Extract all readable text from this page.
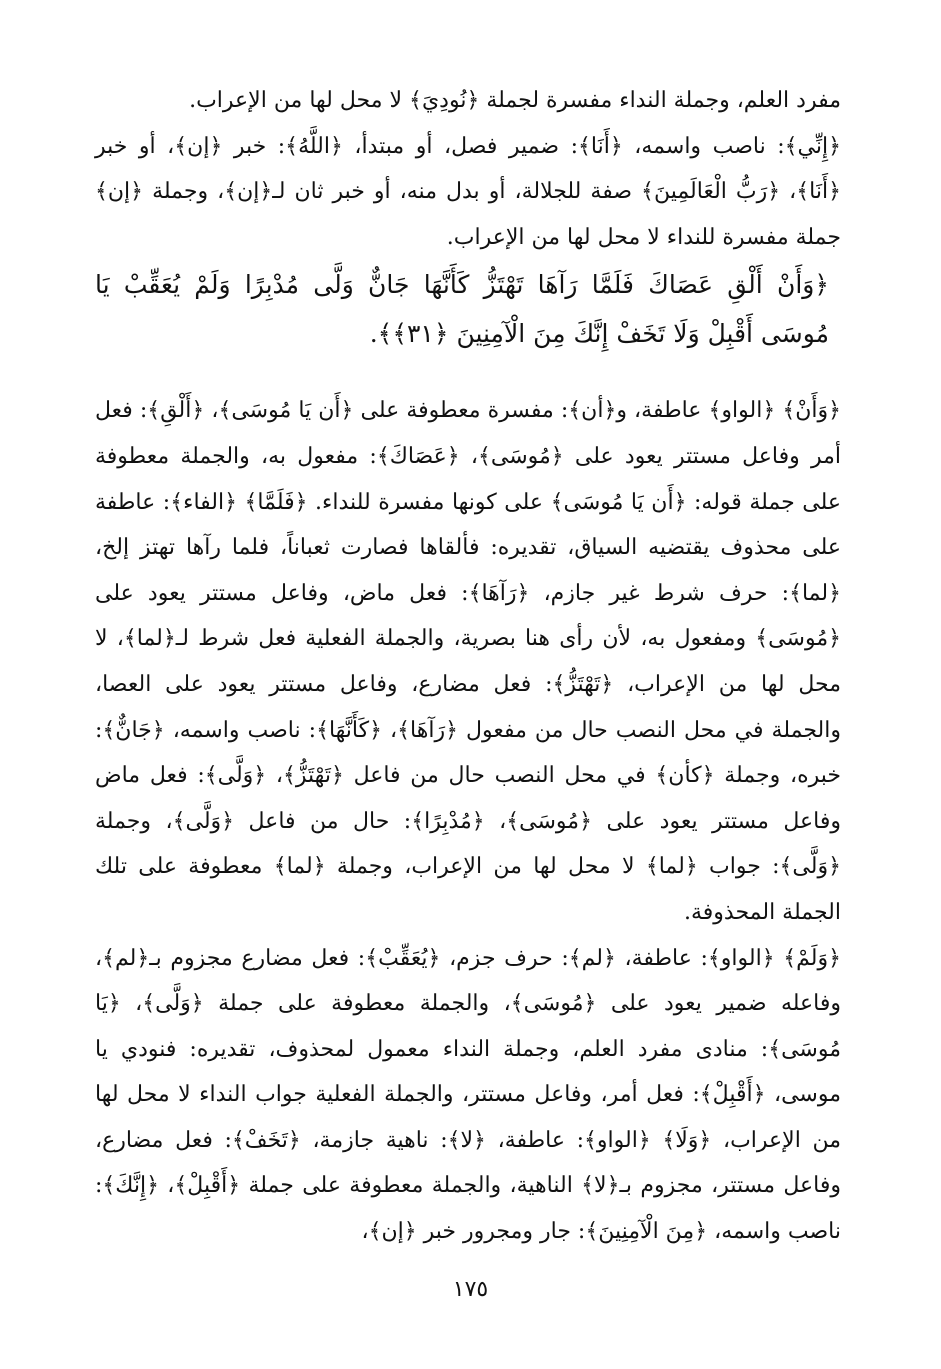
مفرد العلم، وجملة النداء مفسرة لجملة ﴿نُودِيَ﴾ لا محل لها من الإعراب.

﴿إِنِّي﴾: ناصب واسمه، ﴿أَنَا﴾: ضمير فصل، أو مبتدأ، ﴿اللَّهُ﴾: خبر ﴿إن﴾، أو خبر ﴿أَنَا﴾، ﴿رَبُّ الْعَالَمِينَ﴾ صفة للجلالة، أو بدل منه، أو خبر ثان لـ﴿إن﴾، وجملة ﴿إن﴾ جملة مفسرة للنداء لا محل لها من الإعراب.

﴿وَأَنْ أَلْقِ عَصَاكَ فَلَمَّا رَآهَا تَهْتَزُّ كَأَنَّهَا جَانٌّ وَلَّى مُدْبِرًا وَلَمْ يُعَقِّبْ يَا مُوسَى أَقْبِلْ وَلَا تَخَفْ إِنَّكَ مِنَ الْآمِنِينَ ﴿٣١﴾﴾.

﴿وَأَنْ﴾ ﴿الواو﴾ عاطفة، و﴿أن﴾: مفسرة معطوفة على ﴿أَن يَا مُوسَى﴾، ﴿أَلْقِ﴾: فعل أمر وفاعل مستتر يعود على ﴿مُوسَى﴾، ﴿عَصَاكَ﴾: مفعول به، والجملة معطوفة على جملة قوله: ﴿أَن يَا مُوسَى﴾ على كونها مفسرة للنداء. ﴿فَلَمَّا﴾ ﴿الفاء﴾: عاطفة على محذوف يقتضيه السياق، تقديره: فألقاها فصارت ثعباناً، فلما رآها تهتز إلخ، ﴿لما﴾: حرف شرط غير جازم، ﴿رَآهَا﴾: فعل ماض، وفاعل مستتر يعود على ﴿مُوسَى﴾ ومفعول به، لأن رأى هنا بصرية، والجملة الفعلية فعل شرط لـ﴿لما﴾، لا محل لها من الإعراب، ﴿تَهْتَزُّ﴾: فعل مضارع، وفاعل مستتر يعود على العصا، والجملة في محل النصب حال من مفعول ﴿رَآهَا﴾، ﴿كَأَنَّهَا﴾: ناصب واسمه، ﴿جَانٌّ﴾: خبره، وجملة ﴿كأن﴾ في محل النصب حال من فاعل ﴿تَهْتَزُّ﴾، ﴿وَلَّى﴾: فعل ماض وفاعل مستتر يعود على ﴿مُوسَى﴾، ﴿مُدْبِرًا﴾: حال من فاعل ﴿وَلَّى﴾، وجملة ﴿وَلَّى﴾: جواب ﴿لما﴾ لا محل لها من الإعراب، وجملة ﴿لما﴾ معطوفة على تلك الجملة المحذوفة.

﴿وَلَمْ﴾ ﴿الواو﴾: عاطفة، ﴿لم﴾: حرف جزم، ﴿يُعَقِّبْ﴾: فعل مضارع مجزوم بـ﴿لم﴾، وفاعله ضمير يعود على ﴿مُوسَى﴾، والجملة معطوفة على جملة ﴿وَلَّى﴾، ﴿يَا مُوسَى﴾: منادى مفرد العلم، وجملة النداء معمول لمحذوف، تقديره: فنودي يا موسى، ﴿أَقْبِلْ﴾: فعل أمر، وفاعل مستتر، والجملة الفعلية جواب النداء لا محل لها من الإعراب، ﴿وَلَا﴾ ﴿الواو﴾: عاطفة، ﴿لا﴾: ناهية جازمة، ﴿تَخَفْ﴾: فعل مضارع، وفاعل مستتر، مجزوم بـ﴿لا﴾ الناهية، والجملة معطوفة على جملة ﴿أَقْبِلْ﴾، ﴿إِنَّكَ﴾: ناصب واسمه، ﴿مِنَ الْآمِنِينَ﴾: جار ومجرور خبر ﴿إن﴾،

١٧٥
